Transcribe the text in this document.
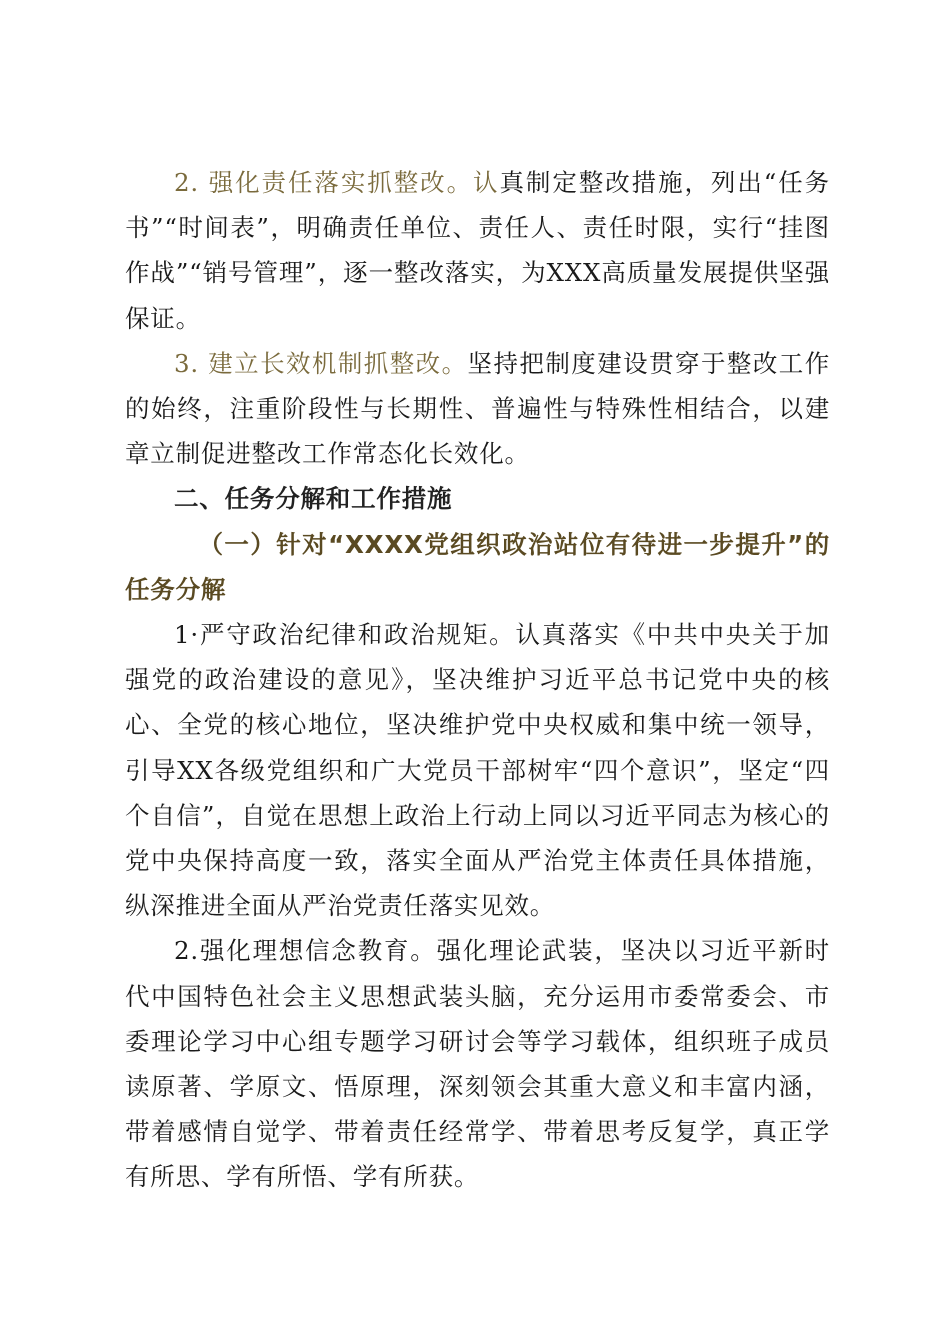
2. 强化责任落实抓整改。认真制定整改措施，列出“任务书”“时间表”，明确责任单位、责任人、责任时限，实行“挂图作战”“销号管理”，逐一整改落实，为XXX高质量发展提供坚强保证。

3. 建立长效机制抓整改。坚持把制度建设贯穿于整改工作的始终，注重阶段性与长期性、普遍性与特殊性相结合，以建章立制促进整改工作常态化长效化。

二、任务分解和工作措施

（一）针对“XXXX党组织政治站位有待进一步提升”的任务分解

1·严守政治纪律和政治规矩。认真落实《中共中央关于加强党的政治建设的意见》，坚决维护习近平总书记党中央的核心、全党的核心地位，坚决维护党中央权威和集中统一领导，引导XX各级党组织和广大党员干部树牢“四个意识”，坚定“四个自信”，自觉在思想上政治上行动上同以习近平同志为核心的党中央保持高度一致，落实全面从严治党主体责任具体措施，纵深推进全面从严治党责任落实见效。

2.强化理想信念教育。强化理论武装，坚决以习近平新时代中国特色社会主义思想武装头脑，充分运用市委常委会、市委理论学习中心组专题学习研讨会等学习载体，组织班子成员读原著、学原文、悟原理，深刻领会其重大意义和丰富内涵，带着感情自觉学、带着责任经常学、带着思考反复学，真正学有所思、学有所悟、学有所获。
